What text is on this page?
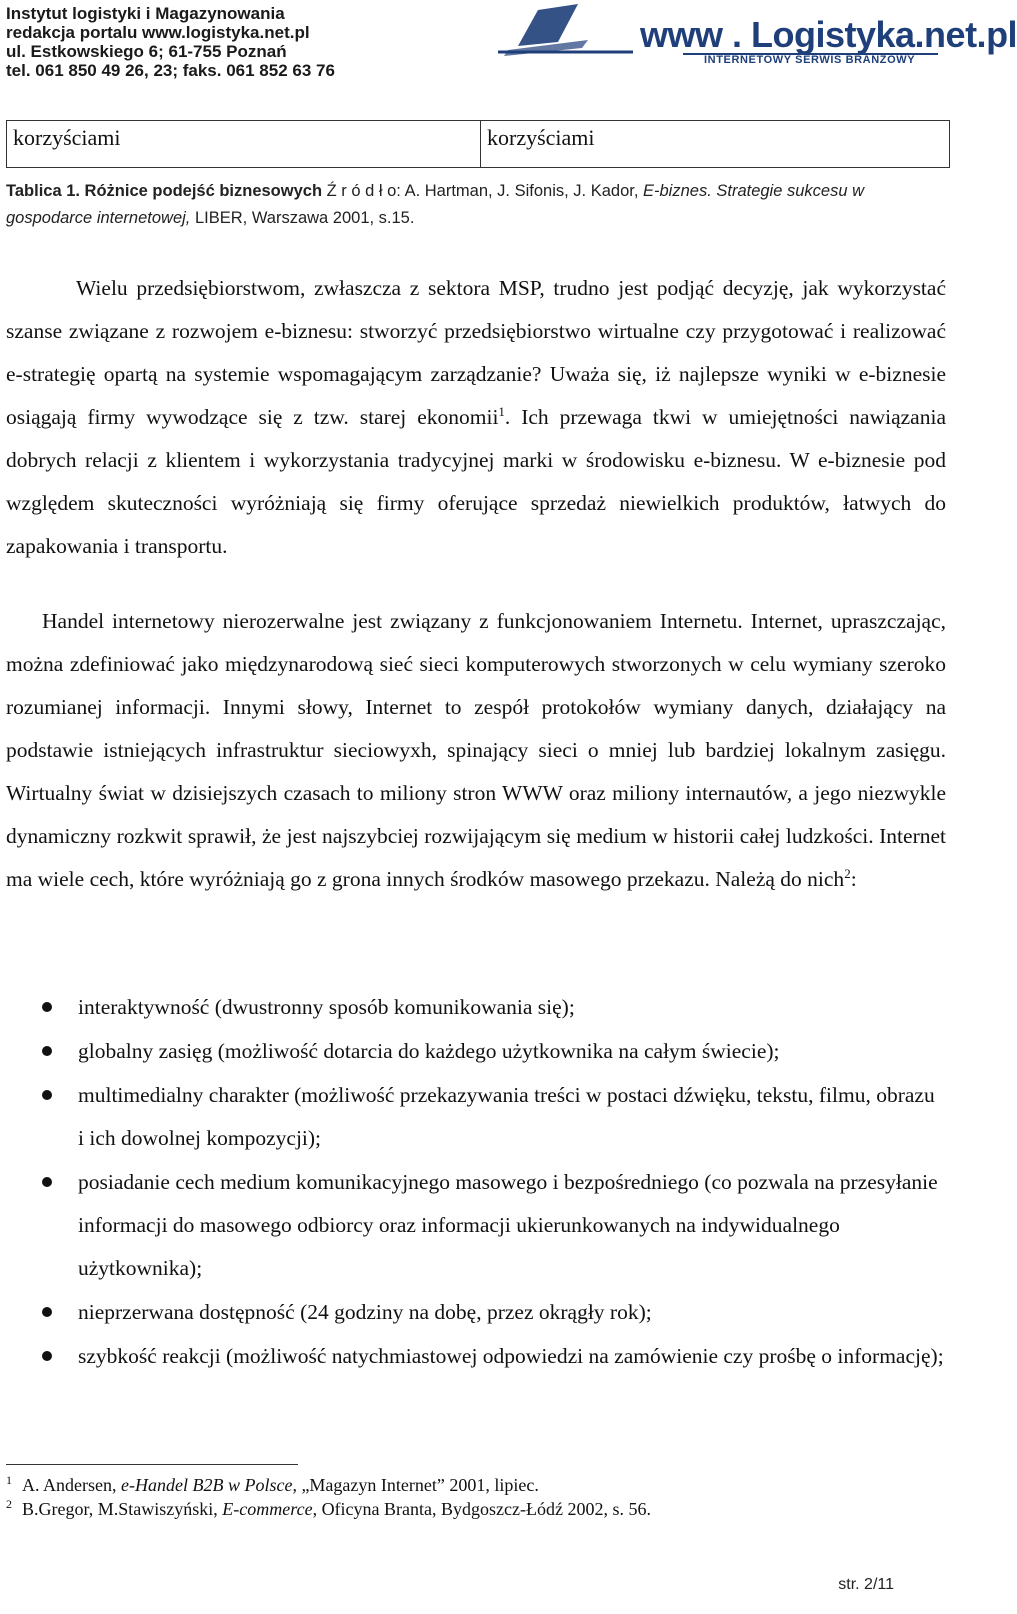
Instytut logistyki i Magazynowania
redakcja portalu www.logistyka.net.pl
ul. Estkowskiego 6; 61-755 Poznań
tel. 061 850 49 26, 23; faks. 061 852 63 76
www . Logistyka.net.pl
INTERNETOWY SERWIS BRANŻOWY
korzyściami	korzyściami
Tablica 1. Różnice podejść biznesowych Ź r ó d ł o: A. Hartman, J. Sifonis, J. Kador, E-biznes. Strategie sukcesu w gospodarce internetowej, LIBER, Warszawa 2001, s.15.

Wielu przedsiębiorstwom, zwłaszcza z sektora MSP, trudno jest podjąć decyzję, jak wykorzystać szanse związane z rozwojem e-biznesu: stworzyć przedsiębiorstwo wirtualne czy przygotować i realizować e-strategię opartą na systemie wspomagającym zarządzanie? Uważa się, iż najlepsze wyniki w e-biznesie osiągają firmy wywodzące się z tzw. starej ekonomii$^1$. Ich przewaga tkwi w umiejętności nawiązania dobrych relacji z klientem i wykorzystania tradycyjnej marki w środowisku e-biznesu. W e-biznesie pod względem skuteczności wyróżniają się firmy oferujące sprzedaż niewielkich produktów, łatwych do zapakowania i transportu.

Handel internetowy nierozerwalne jest związany z funkcjonowaniem Internetu. Internet, upraszczając, można zdefiniować jako międzynarodową sieć sieci komputerowych stworzonych w celu wymiany szeroko rozumianej informacji. Innymi słowy, Internet to zespół protokołów wymiany danych, działający na podstawie istniejących infrastruktur sieciowyxh, spinający sieci o mniej lub bardziej lokalnym zasięgu. Wirtualny świat w dzisiejszych czasach to miliony stron WWW oraz miliony internautów, a jego niezwykle dynamiczny rozkwit sprawił, że jest najszybciej rozwijającym się medium w historii całej ludzkości. Internet ma wiele cech, które wyróżniają go z grona innych środków masowego przekazu. Należą do nich$^2$:

interaktywność (dwustronny sposób komunikowania się);
globalny zasięg (możliwość dotarcia do każdego użytkownika na całym świecie);
multimedialny charakter (możliwość przekazywania treści w postaci dźwięku, tekstu, filmu, obrazu i ich dowolnej kompozycji);
posiadanie cech medium komunikacyjnego masowego i bezpośredniego (co pozwala na przesyłanie informacji do masowego odbiorcy oraz informacji ukierunkowanych na indywidualnego użytkownika);
nieprzerwana dostępność (24 godziny na dobę, przez okrągły rok);
szybkość reakcji (możliwość natychmiastowej odpowiedzi na zamówienie czy prośbę o informację);
$^1$ A. Andersen, e-Handel B2B w Polsce, „Magazyn Internet” 2001, lipiec.
$^2$ B.Gregor, M.Stawiszyński, E-commerce, Oficyna Branta, Bydgoszcz-Łódź 2002, s. 56.
str. 2/11
